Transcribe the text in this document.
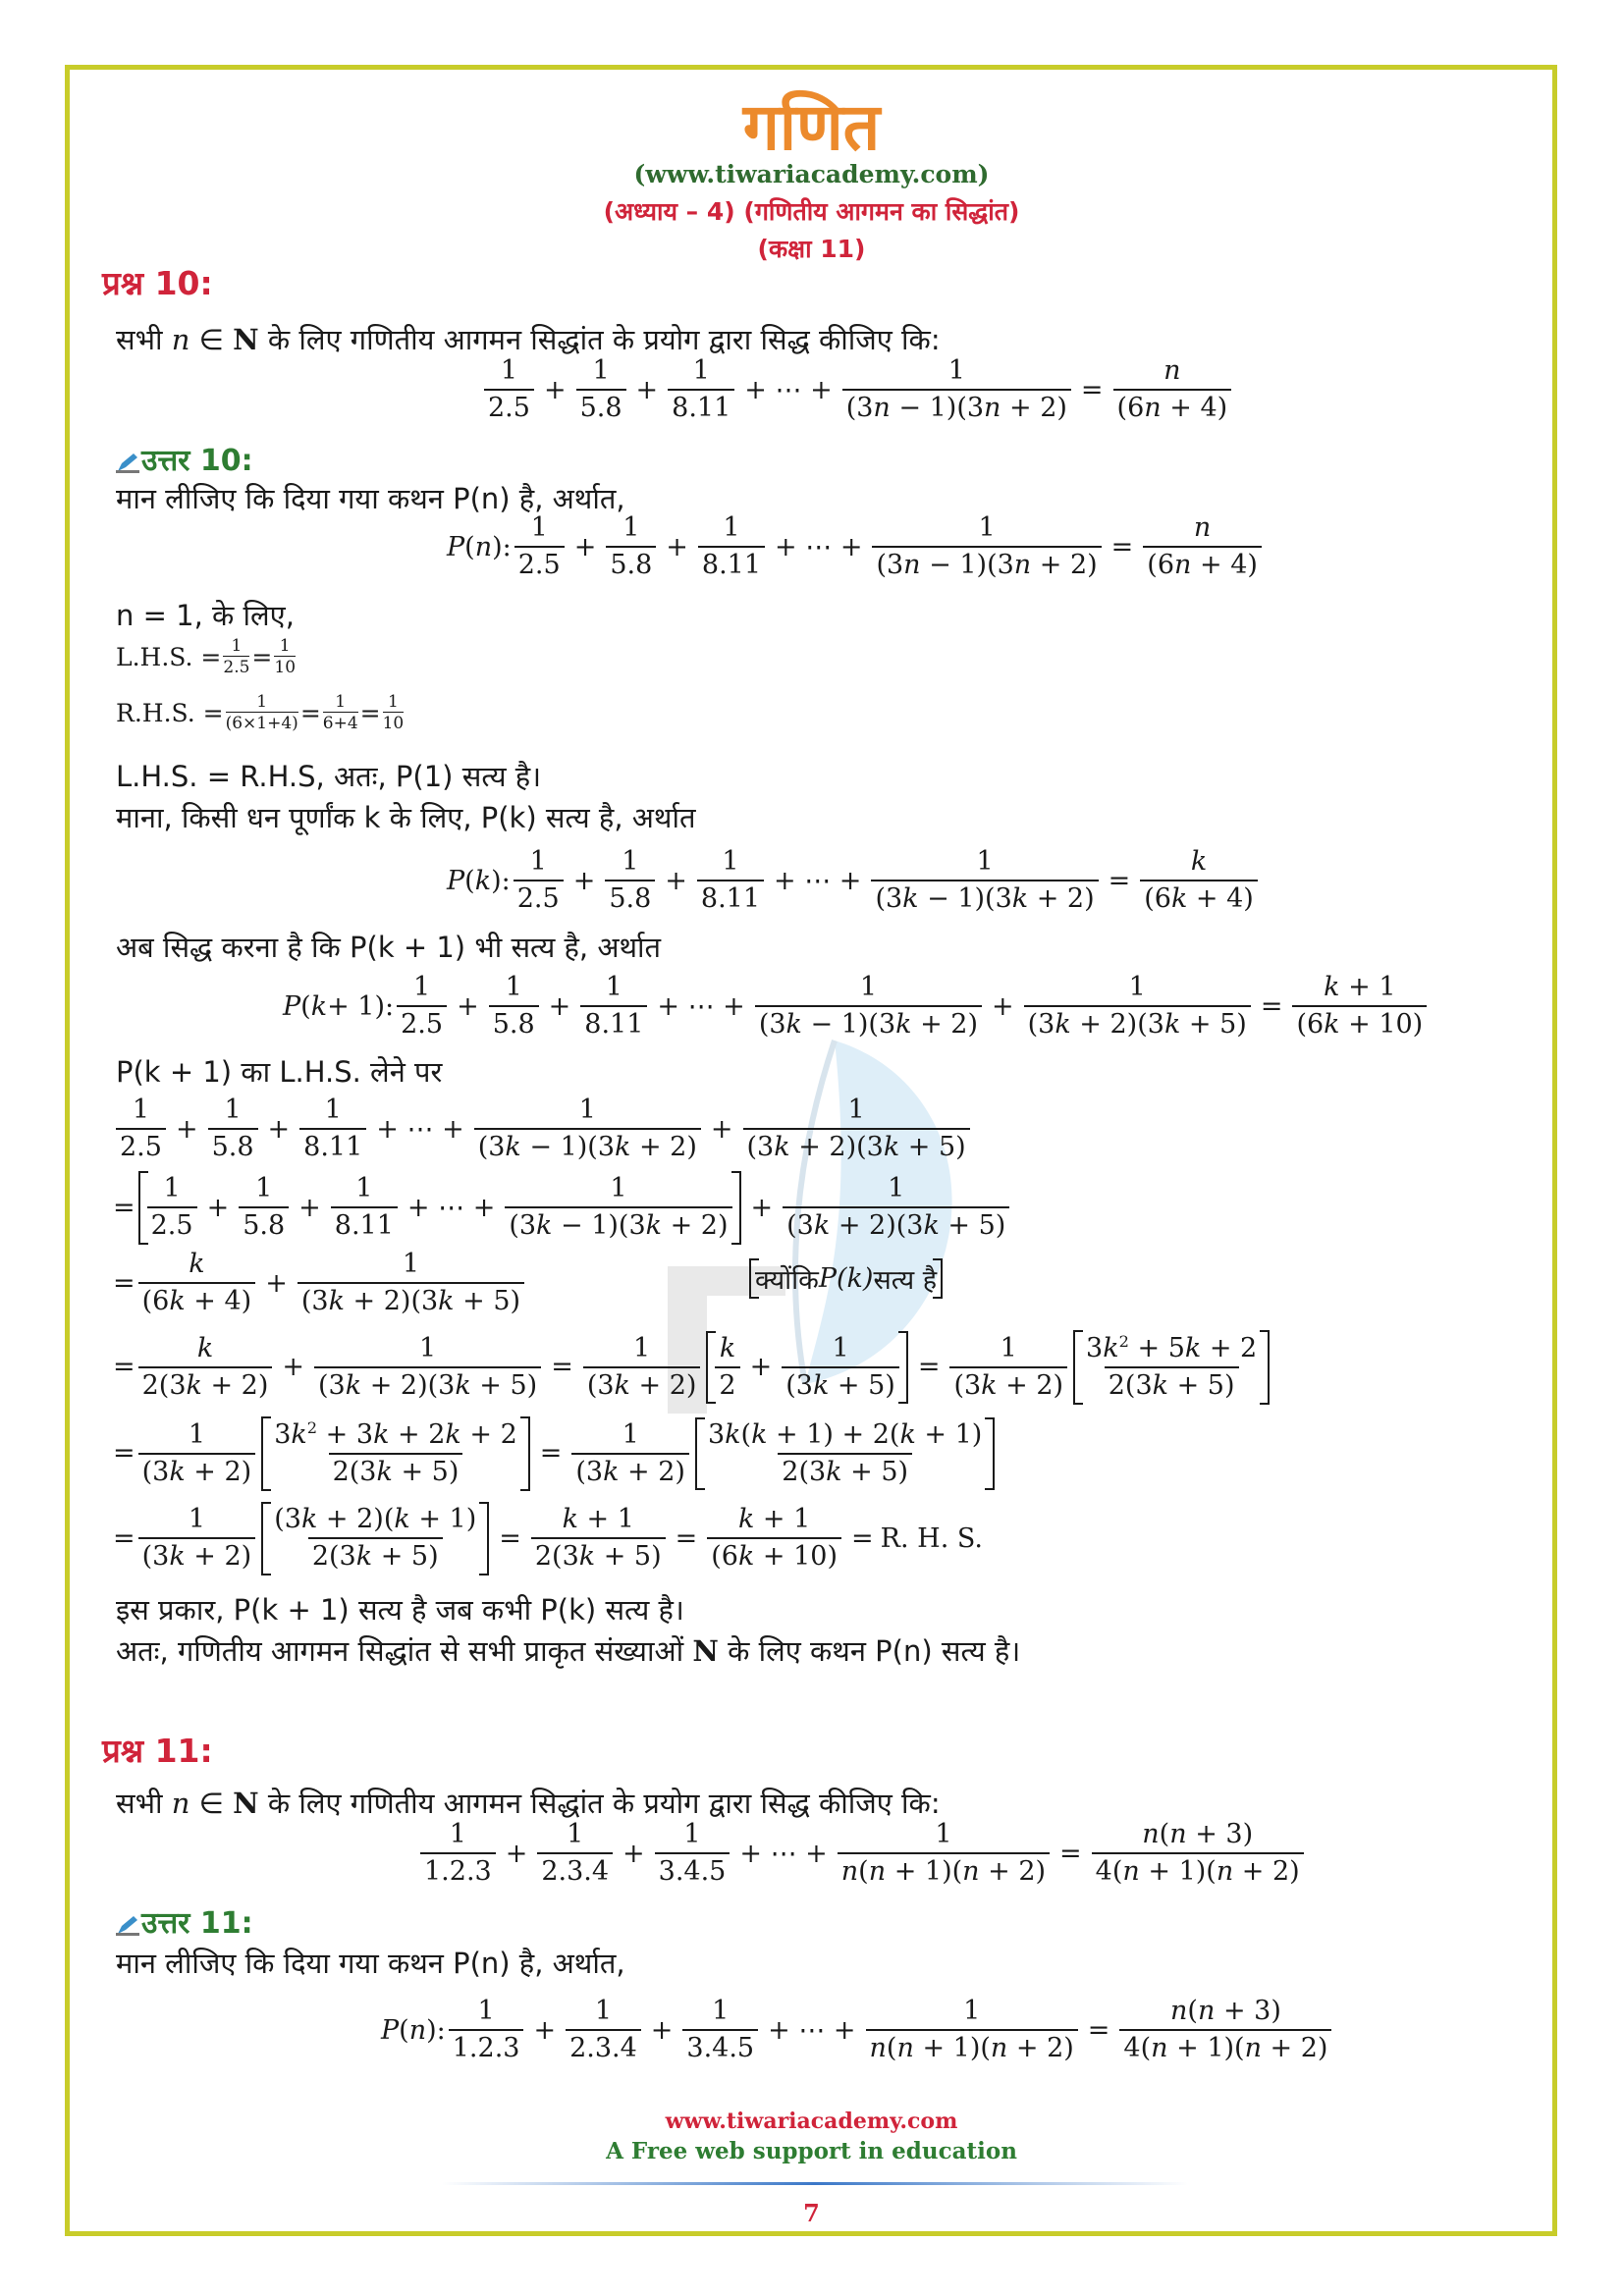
गणित
(www.tiwariacademy.com)
(अध्याय – 4) (गणितीय आगमन का सिद्धांत)
(कक्षा 11)
प्रश्न 10:
सभी n ∈ N के लिए गणितीय आगमन सिद्धांत के प्रयोग द्वारा सिद्ध कीजिए कि:
$\frac{1}{2.5} + \frac{1}{5.8} + \frac{1}{8.11}$ + ⋯ + $\frac{1}{(3n - 1)(3n + 2)} = \frac{n}{(6n + 4)}$
उत्तर 10:
मान लीजिए कि दिया गया कथन P(n) है, अर्थात,
P ( n ): $\frac{1}{2.5} + \frac{1}{5.8} + \frac{1}{8.11}$ + ⋯ + $\frac{1}{(3n - 1)(3n + 2)} = \frac{n}{(6n + 4)}$
n = 1, के लिए,
L.H.S. = $\frac{1}{2.5} = 1$
10
R.H.S. = $\frac{1}{(6\times 1+4)} = 1$
6+4 = 1
10
L.H.S. = R.H.S, अतः, P(1) सत्य है।
माना, किसी धन पूर्णांक k के लिए, P(k) सत्य है, अर्थात
P ( k ): $\frac{1}{2.5} + \frac{1}{5.8} + \frac{1}{8.11}$ + ⋯ + $\frac{1}{(3k - 1)(3k + 2)} = \frac{k}{(6k + 4)}$
अब सिद्ध करना है कि P(k + 1) भी सत्य है, अर्थात
P ( k + 1): $\frac{1}{2.5} + \frac{1}{5.8} + \frac{1}{8.11}$ + ⋯ + $\frac{1}{(3k - 1)(3k + 2)} + \frac{1}{(3k + 2)(3k + 5)} = \frac{k + 1}{(6k + 10)}$
P(k + 1) का L.H.S. लेने पर
$\frac{1}{2.5} + \frac{1}{5.8} + \frac{1}{8.11}$ + ⋯ + $\frac{1}{(3k - 1)(3k + 2)} + \frac{1}{(3k + 2)(3k + 5)}$
= $\frac{1}{2.5} + \frac{1}{5.8} + \frac{1}{8.11}$ + ⋯ + $\frac{1}{(3k - 1)(3k + 2)} + \frac{1}{(3k + 2)(3k + 5)}$
= $\frac{k}{(6k + 4)} + \frac{1}{(3k + 2)(3k + 5)}$	क्योंकि P(k) सत्य है
= $\frac{k}{2(3k + 2)} + \frac{1}{(3k + 2)(3k + 5)} = \frac{1}{(3k + 2)} \frac{k}{2} + \frac{1}{(3k + 5)} = \frac{1}{(3k + 2)} \frac{3k^2 + 5k + 2}{2(3k + 5)}$
= $\frac{1}{(3k + 2)} \frac{3k^2 + 3k + 2k + 2}{2(3k + 5)} = \frac{1}{(3k + 2)} \frac{3k(k + 1) + 2(k + 1)}{2(3k + 5)}$
= $\frac{1}{(3k + 2)} \frac{(3k + 2)(k + 1)}{2(3k + 5)} = \frac{k + 1}{2(3k + 5)} = \frac{k + 1}{(6k + 10)} = R$. H. S.
इस प्रकार, P(k + 1) सत्य है जब कभी P(k) सत्य है।
अतः, गणितीय आगमन सिद्धांत से सभी प्राकृत संख्याओं N के लिए कथन P(n) सत्य है।
प्रश्न 11:
सभी n ∈ N के लिए गणितीय आगमन सिद्धांत के प्रयोग द्वारा सिद्ध कीजिए कि:
$\frac{1}{1.2.3} + \frac{1}{2.3.4} + \frac{1}{3.4.5}$ + ⋯ + $\frac{1}{n(n + 1)(n + 2)} = \frac{n(n + 3)}{4(n + 1)(n + 2)}$
उत्तर 11:
मान लीजिए कि दिया गया कथन P(n) है, अर्थात,
P ( n ): $\frac{1}{1.2.3} + \frac{1}{2.3.4} + \frac{1}{3.4.5}$ + ⋯ + $\frac{1}{n(n + 1)(n + 2)} = \frac{n(n + 3)}{4(n + 1)(n + 2)}$
www.tiwariacademy.com
A Free web support in education
7
